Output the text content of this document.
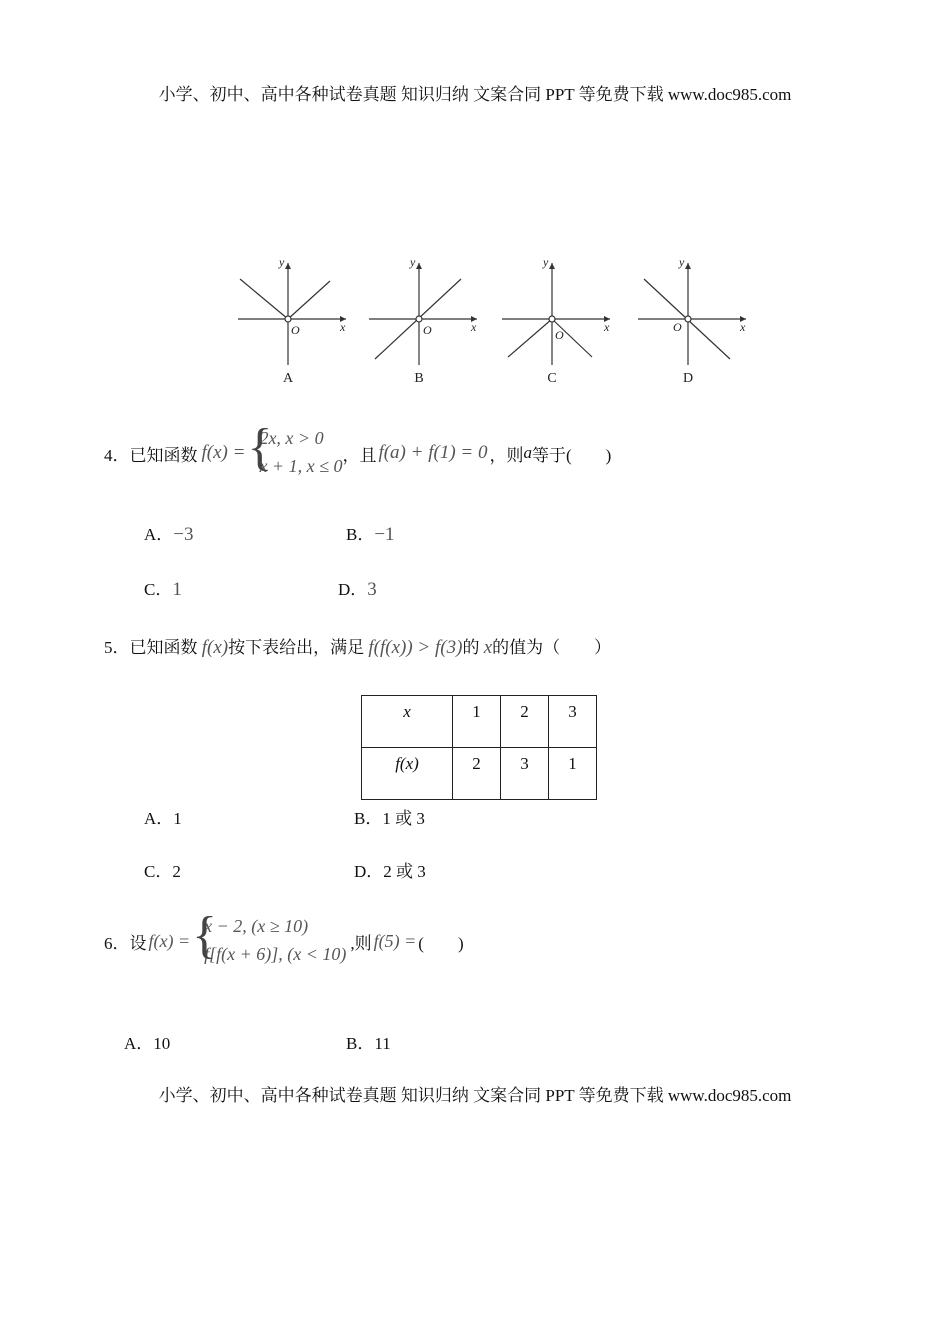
小学、初中、高中各种试卷真题 知识归纳 文案合同 PPT 等免费下载 www.doc985.com
y
x
O
A
y
x
O
B
y
x
O
C
y
x
O
D
4． 已知函数 f(x) = {
2x, x > 0
x + 1, x ≤ 0
，且 f(a) + f(1) = 0 ，则 a 等于(　　)
A．−3	B．−1
C．1	D．3
5．已知函数 f(x)按下表给出，满足 f(f(x)) > f(3)的 x的值为（　　）
x	1	2	3
f(x)	2	3	1
A．1	B．1 或 3
C．2	D．2 或 3
6． 设 f(x) = {
x − 2, (x ≥ 10)
f[f(x + 6)], (x < 10)
,则 f(5) = (　　)
A．10	B．11
小学、初中、高中各种试卷真题 知识归纳 文案合同 PPT 等免费下载 www.doc985.com
